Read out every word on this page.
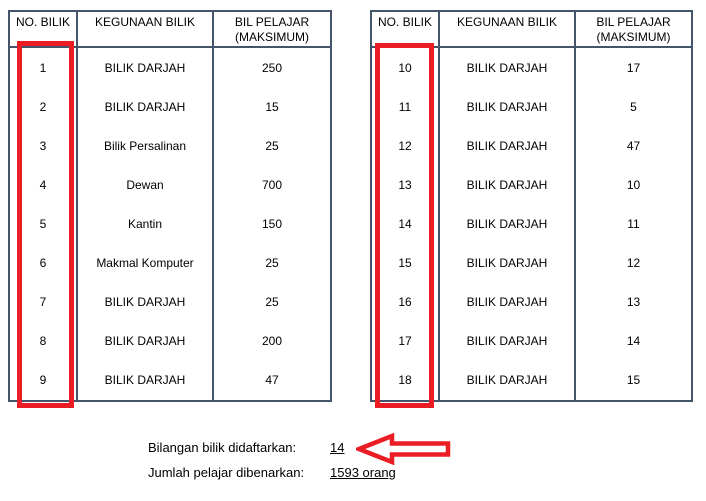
NO. BILIK	KEGUNAAN BILIK	BIL PELAJAR
(MAKSIMUM)
1	BILIK DARJAH	250
2	BILIK DARJAH	15
3	Bilik Persalinan	25
4	Dewan	700
5	Kantin	150
6	Makmal Komputer	25
7	BILIK DARJAH	25
8	BILIK DARJAH	200
9	BILIK DARJAH	47
NO. BILIK	KEGUNAAN BILIK	BIL PELAJAR
(MAKSIMUM)
10	BILIK DARJAH	17
11	BILIK DARJAH	5
12	BILIK DARJAH	47
13	BILIK DARJAH	10
14	BILIK DARJAH	11
15	BILIK DARJAH	12
16	BILIK DARJAH	13
17	BILIK DARJAH	14
18	BILIK DARJAH	15
Bilangan bilik didaftarkan:	14
Jumlah pelajar dibenarkan: 1593 orang
